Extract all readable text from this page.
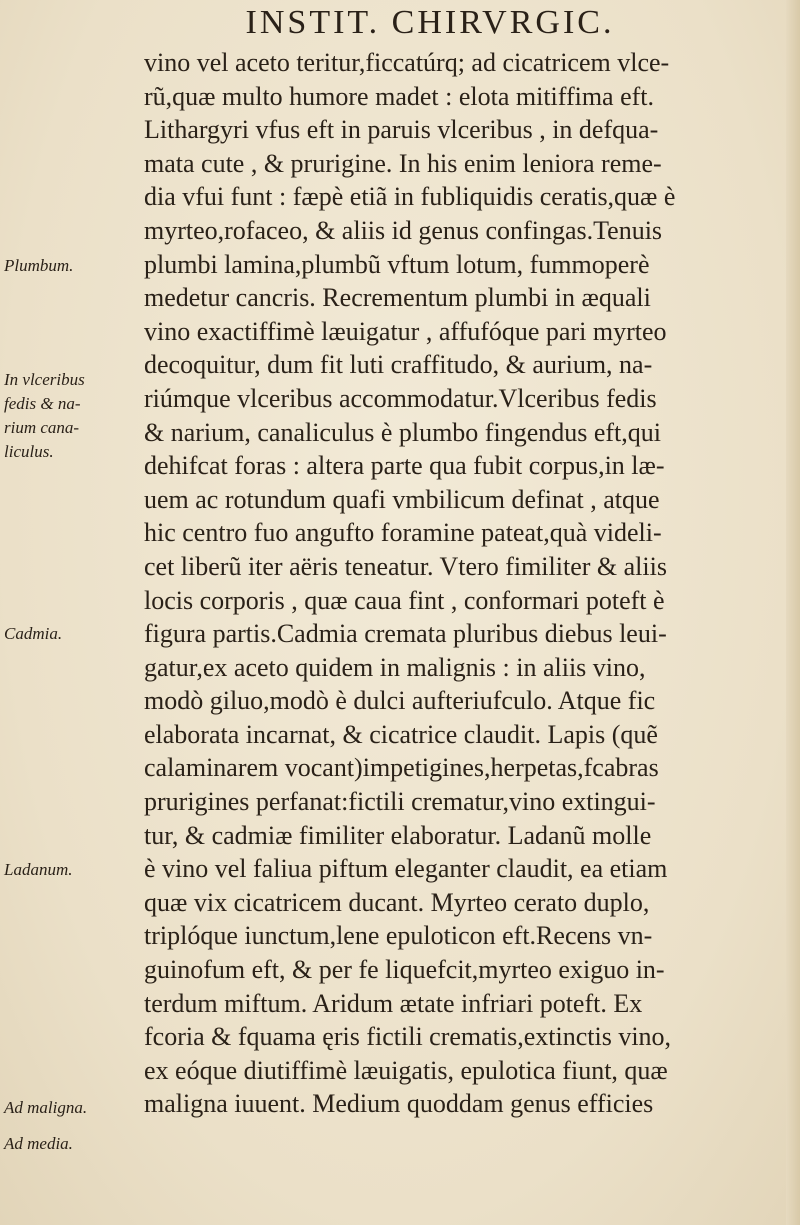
INSTIT. CHIRVRGIC.
vino vel aceto teritur,ficcatúrq; ad cicatricem vlce-
rũ,quæ multo humore madet : elota mitiffima eft.
Lithargyri vfus eft in paruis vlceribus , in defqua-
mata cute , & prurigine. In his enim leniora reme-
dia vfui funt : fæpè etiã in fubliquidis ceratis,quæ è
myrteo,rofaceo, & aliis id genus confingas.Tenuis
plumbi lamina,plumbũ vftum lotum, fummoperè
medetur cancris. Recrementum plumbi in æquali
vino exactiffimè læuigatur , affufóque pari myrteo
decoquitur, dum fit luti craffitudo, & aurium, na-
riúmque vlceribus accommodatur.Vlceribus fedis
& narium, canaliculus è plumbo fingendus eft,qui
dehifcat foras : altera parte qua fubit corpus,in læ-
uem ac rotundum quafi vmbilicum definat , atque
hic centro fuo angufto foramine pateat,quà videli-
cet liberũ iter aëris teneatur. Vtero fimiliter & aliis
locis corporis , quæ caua fint , conformari poteft è
figura partis.Cadmia cremata pluribus diebus leui-
gatur,ex aceto quidem in malignis : in aliis vino,
modò giluo,modò è dulci aufteriufculo. Atque fic
elaborata incarnat, & cicatrice claudit. Lapis (quẽ
calaminarem vocant)impetigines,herpetas,fcabras
prurigines perfanat:fictili crematur,vino extingui-
tur, & cadmiæ fimiliter elaboratur. Ladanũ molle
è vino vel faliua piftum eleganter claudit, ea etiam
quæ vix cicatricem ducant. Myrteo cerato duplo,
triplóque iunctum,lene epuloticon eft.Recens vn-
guinofum eft, & per fe liquefcit,myrteo exiguo in-
terdum miftum. Aridum ætate infriari poteft. Ex
fcoria & fquama ęris fictili crematis,extinctis vino,
ex eóque diutiffimè læuigatis, epulotica fiunt, quæ
maligna iuuent. Medium quoddam genus efficies
Plumbum.
In vlceribus
fedis & na-
rium cana-
liculus.
Cadmia.
Ladanum.
Ad maligna.
Ad media.
